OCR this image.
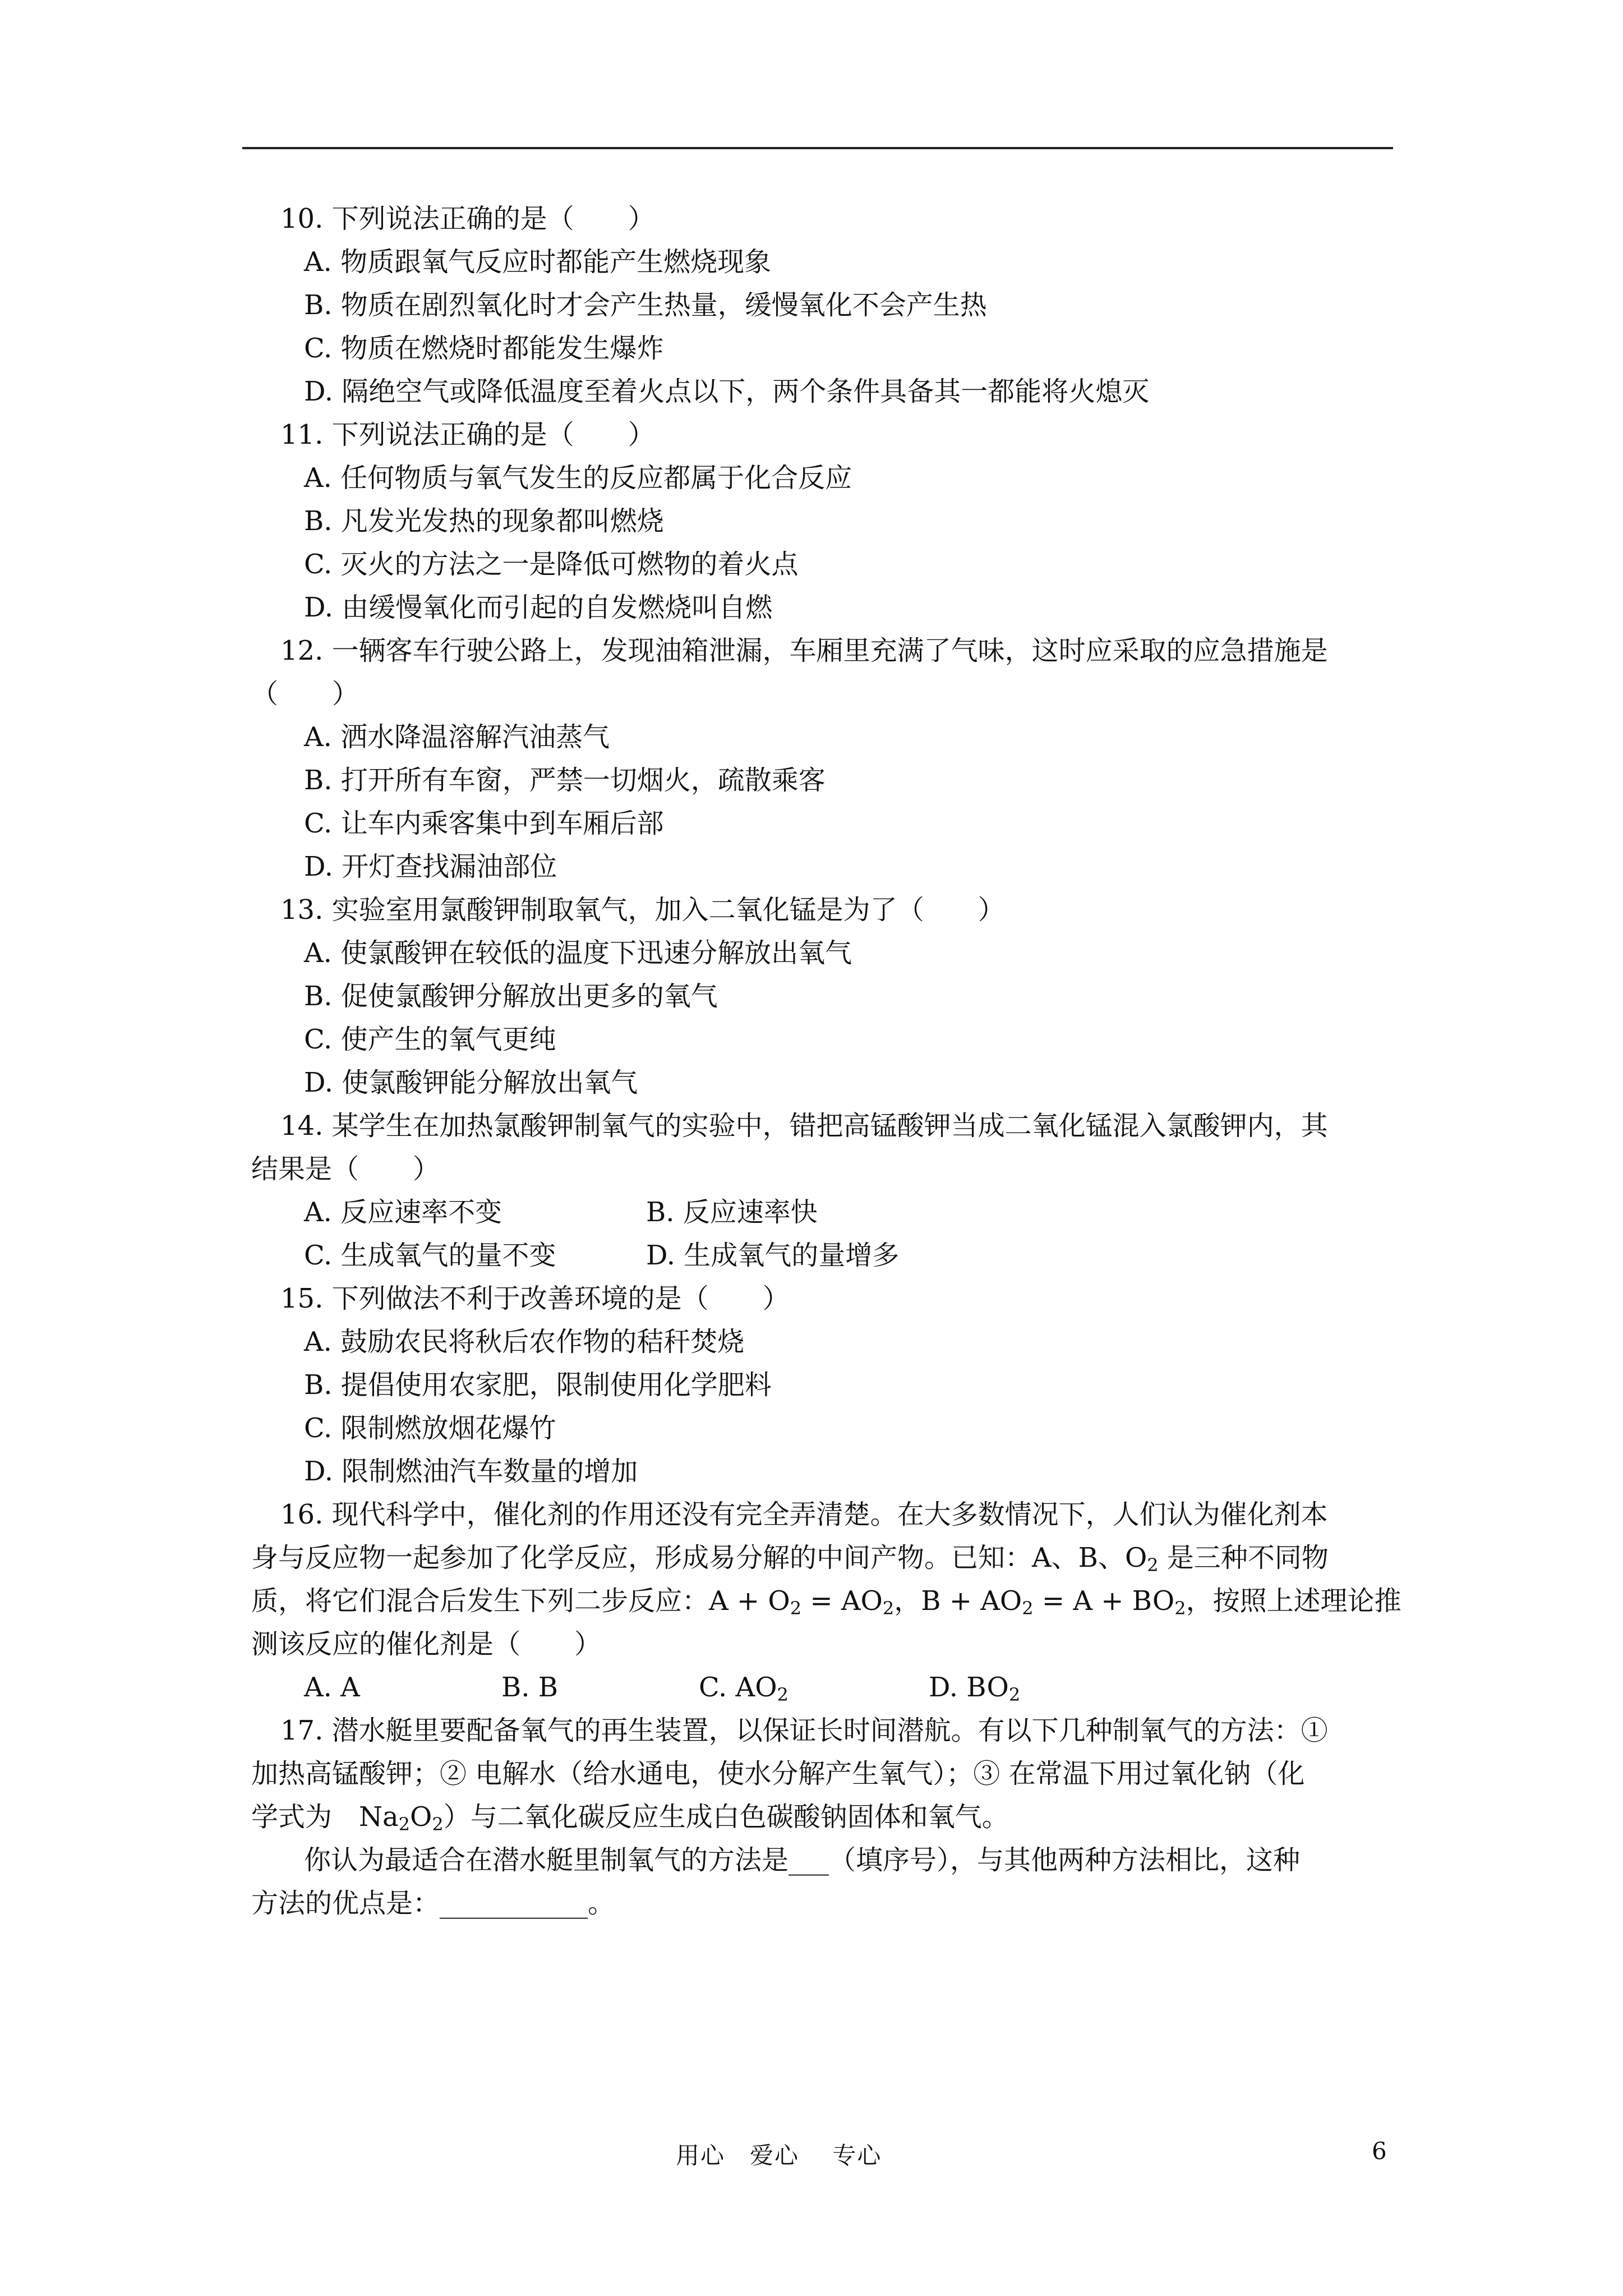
10. 下列说法正确的是（　　）
A. 物质跟氧气反应时都能产生燃烧现象
B. 物质在剧烈氧化时才会产生热量，缓慢氧化不会产生热
C. 物质在燃烧时都能发生爆炸
D. 隔绝空气或降低温度至着火点以下，两个条件具备其一都能将火熄灭
11. 下列说法正确的是（　　）
A. 任何物质与氧气发生的反应都属于化合反应
B. 凡发光发热的现象都叫燃烧
C. 灭火的方法之一是降低可燃物的着火点
D. 由缓慢氧化而引起的自发燃烧叫自燃
12. 一辆客车行驶公路上，发现油箱泄漏，车厢里充满了气味，这时应采取的应急措施是
（　　）
A. 洒水降温溶解汽油蒸气
B. 打开所有车窗，严禁一切烟火，疏散乘客
C. 让车内乘客集中到车厢后部
D. 开灯查找漏油部位
13. 实验室用氯酸钾制取氧气，加入二氧化锰是为了（　　）
A. 使氯酸钾在较低的温度下迅速分解放出氧气
B. 促使氯酸钾分解放出更多的氧气
C. 使产生的氧气更纯
D. 使氯酸钾能分解放出氧气
14. 某学生在加热氯酸钾制氧气的实验中，错把高锰酸钾当成二氧化锰混入氯酸钾内，其
结果是（　　）
A. 反应速率不变	B. 反应速率快
C. 生成氧气的量不变	D. 生成氧气的量增多
15. 下列做法不利于改善环境的是（　　）
A. 鼓励农民将秋后农作物的秸秆焚烧
B. 提倡使用农家肥，限制使用化学肥料
C. 限制燃放烟花爆竹
D. 限制燃油汽车数量的增加
16. 现代科学中，催化剂的作用还没有完全弄清楚。在大多数情况下，人们认为催化剂本
身与反应物一起参加了化学反应，形成易分解的中间产物。已知：A、B、$O_2$ 是三种不同物
质，将它们混合后发生下列二步反应：$A + O_2 = AO_2$，$B + AO_2 = A + BO_2$，按照上述理论推
测该反应的催化剂是（　　）
A. A	B. B	C. $AO_2$	D. $BO_2$
17. 潜水艇里要配备氧气的再生装置，以保证长时间潜航。有以下几种制氧气的方法：①
加热高锰酸钾；② 电解水（给水通电，使水分解产生氧气）；③ 在常温下用过氧化钠（化
学式为　$Na_2O_2$）与二氧化碳反应生成白色碳酸钠固体和氧气。
你认为最适合在潜水艇里制氧气的方法是___（填序号），与其他两种方法相比，这种
方法的优点是：___________。
用心　爱心　 专心	6
